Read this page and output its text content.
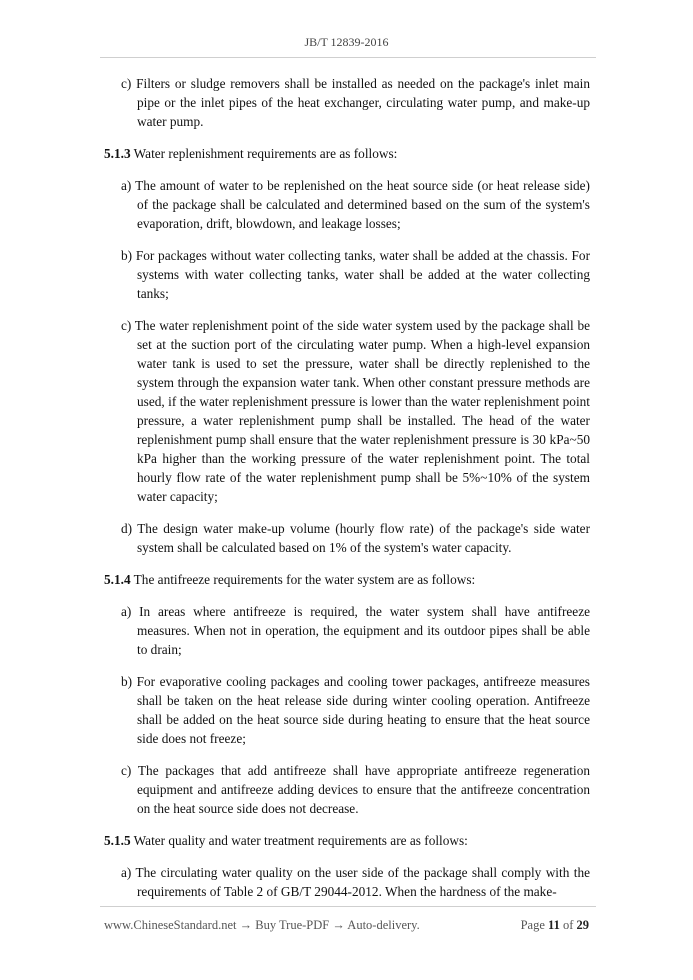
JB/T 12839-2016

c) Filters or sludge removers shall be installed as needed on the package's inlet main pipe or the inlet pipes of the heat exchanger, circulating water pump, and make-up water pump.

5.1.3 Water replenishment requirements are as follows:

a) The amount of water to be replenished on the heat source side (or heat release side) of the package shall be calculated and determined based on the sum of the system's evaporation, drift, blowdown, and leakage losses;

b) For packages without water collecting tanks, water shall be added at the chassis. For systems with water collecting tanks, water shall be added at the water collecting tanks;

c) The water replenishment point of the side water system used by the package shall be set at the suction port of the circulating water pump. When a high-level expansion water tank is used to set the pressure, water shall be directly replenished to the system through the expansion water tank. When other constant pressure methods are used, if the water replenishment pressure is lower than the water replenishment point pressure, a water replenishment pump shall be installed. The head of the water replenishment pump shall ensure that the water replenishment pressure is 30 kPa~50 kPa higher than the working pressure of the water replenishment point. The total hourly flow rate of the water replenishment pump shall be 5%~10% of the system water capacity;

d) The design water make-up volume (hourly flow rate) of the package's side water system shall be calculated based on 1% of the system's water capacity.

5.1.4 The antifreeze requirements for the water system are as follows:

a) In areas where antifreeze is required, the water system shall have antifreeze measures. When not in operation, the equipment and its outdoor pipes shall be able to drain;

b) For evaporative cooling packages and cooling tower packages, antifreeze measures shall be taken on the heat release side during winter cooling operation. Antifreeze shall be added on the heat source side during heating to ensure that the heat source side does not freeze;

c) The packages that add antifreeze shall have appropriate antifreeze regeneration equipment and antifreeze adding devices to ensure that the antifreeze concentration on the heat source side does not decrease.

5.1.5 Water quality and water treatment requirements are as follows:

a) The circulating water quality on the user side of the package shall comply with the requirements of Table 2 of GB/T 29044-2012. When the hardness of the make-

www.ChineseStandard.net → Buy True-PDF → Auto-delivery.	Page 11 of 29
